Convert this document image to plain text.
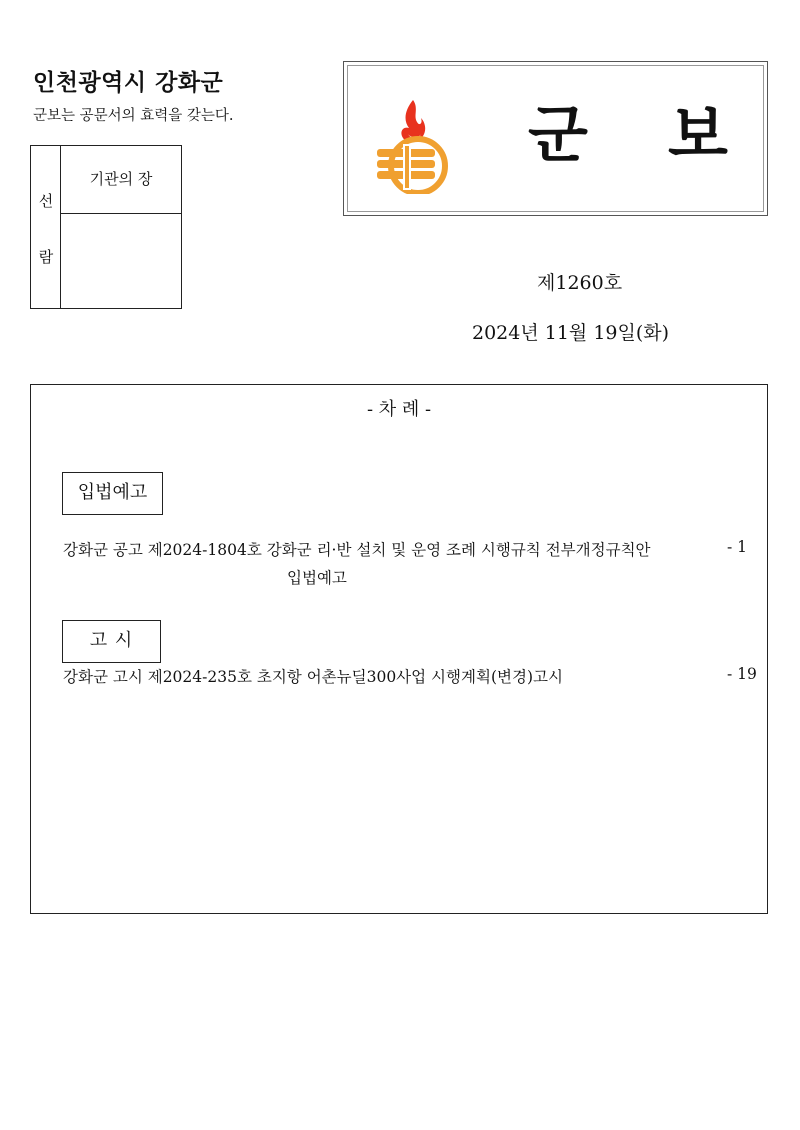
인천광역시 강화군
군보는 공문서의 효력을 갖는다.
선
람
기관의 장
군 보
제1260호
2024년 11월 19일(화)
- 차 례 -
입법예고
강화군 공고 제2024-1804호 강화군 리·반 설치 및 운영 조례 시행규칙 전부개정규칙안
입법예고
- 1
고 시
강화군 고시 제2024-235호 초지항 어촌뉴딜300사업 시행계획(변경)고시	- 19
